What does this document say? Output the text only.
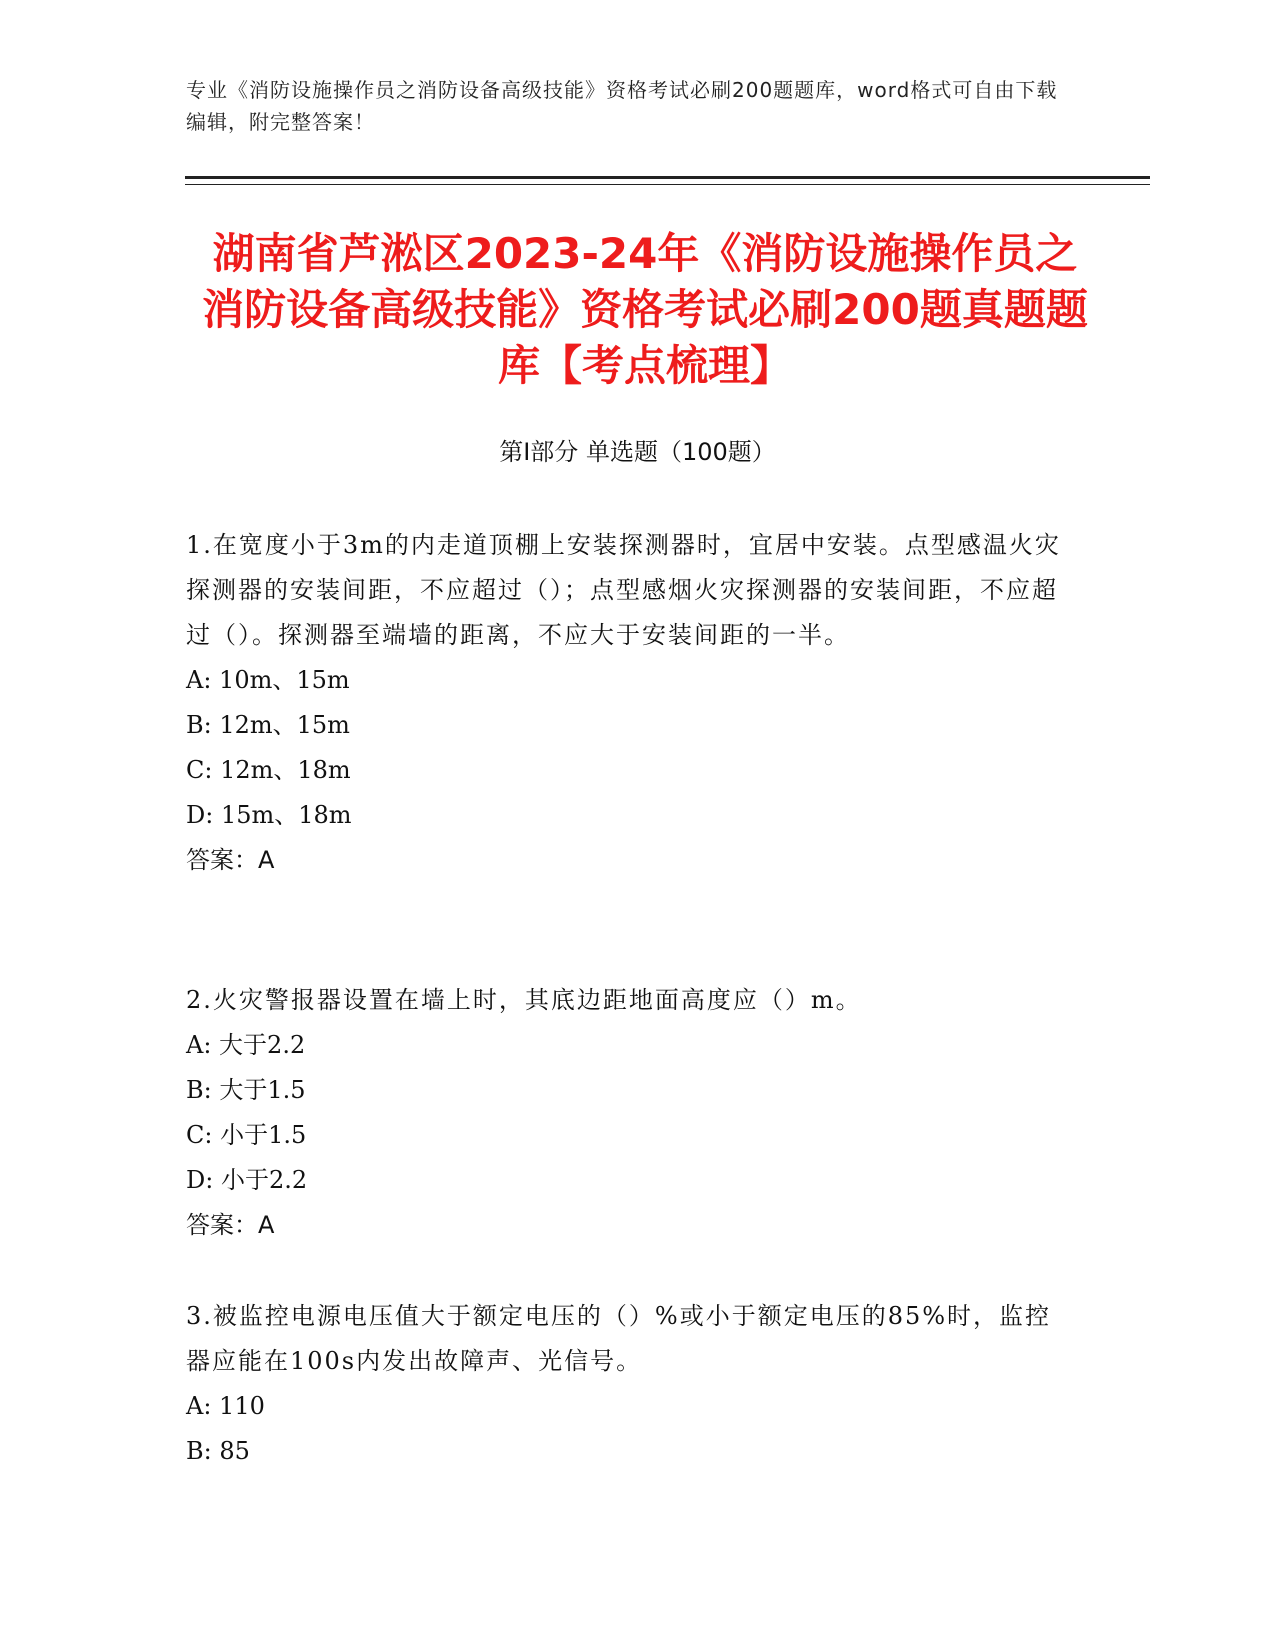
专业《消防设施操作员之消防设备高级技能》资格考试必刷200题题库，word格式可自由下载编辑，附完整答案！
湖南省芦淞区2023-24年《消防设施操作员之消防设备高级技能》资格考试必刷200题真题题库【考点梳理】
第I部分 单选题（100题）

1.在宽度小于3m的内走道顶棚上安装探测器时，宜居中安装。点型感温火灾探测器的安装间距，不应超过（）；点型感烟火灾探测器的安装间距，不应超过（）。探测器至端墙的距离，不应大于安装间距的一半。

A: 10m、15m

B: 12m、15m

C: 12m、18m

D: 15m、18m

答案：A

2.火灾警报器设置在墙上时，其底边距地面高度应（）m。

A: 大于2.2

B: 大于1.5

C: 小于1.5

D: 小于2.2

答案：A

3.被监控电源电压值大于额定电压的（）%或小于额定电压的85%时，监控器应能在100s内发出故障声、光信号。

A: 110

B: 85
